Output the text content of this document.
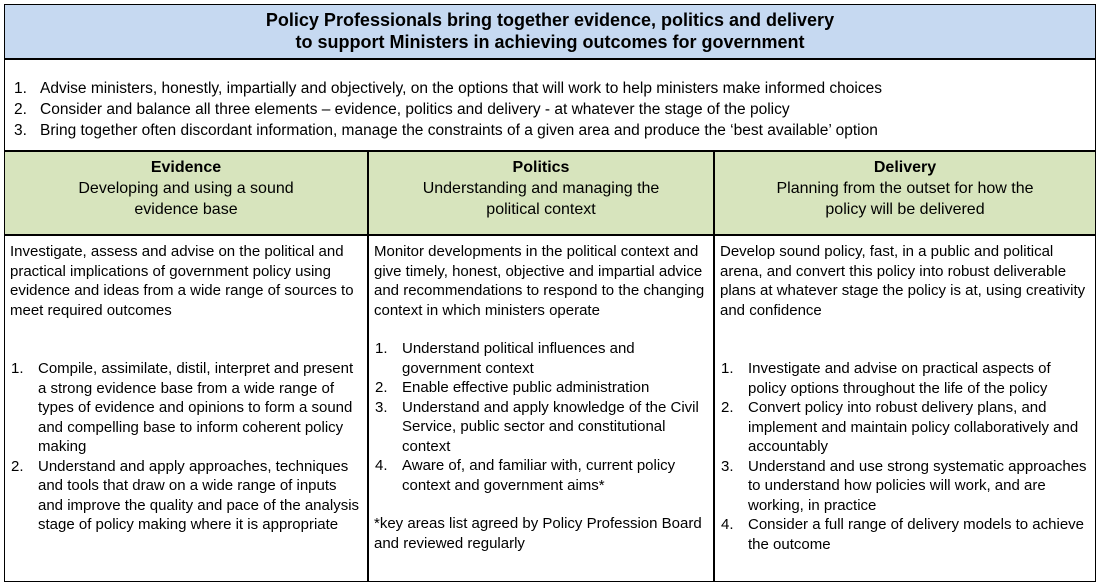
Policy Professionals bring together evidence, politics and delivery
to support Ministers in achieving outcomes for government
1. Advise ministers, honestly, impartially and objectively, on the options that will work to help ministers make informed choices
2. Consider and balance all three elements – evidence, politics and delivery - at whatever the stage of the policy
3. Bring together often discordant information, manage the constraints of a given area and produce the ‘best available’ option
Evidence
Developing and using a sound
evidence base

Investigate, assess and advise on the political and practical implications of government policy using evidence and ideas from a wide range of sources to meet required outcomes

1. Compile, assimilate, distil, interpret and present a strong evidence base from a wide range of types of evidence and opinions to form a sound and compelling base to inform coherent policy making
2. Understand and apply approaches, techniques and tools that draw on a wide range of inputs and improve the quality and pace of the analysis stage of policy making where it is appropriate
Politics
Understanding and managing the
political context

Monitor developments in the political context and give timely, honest, objective and impartial advice and recommendations to respond to the changing context in which ministers operate

1. Understand political influences and government context
2. Enable effective public administration
3. Understand and apply knowledge of the Civil Service, public sector and constitutional context
4. Aware of, and familiar with, current policy context and government aims*

*key areas list agreed by Policy Profession Board and reviewed regularly

Delivery
Planning from the outset for how the
policy will be delivered

Develop sound policy, fast, in a public and political arena, and convert this policy into robust deliverable plans at whatever stage the policy is at, using creativity and confidence

1. Investigate and advise on practical aspects of policy options throughout the life of the policy
2. Convert policy into robust delivery plans, and implement and maintain policy collaboratively and accountably
3. Understand and use strong systematic approaches to understand how policies will work, and are working, in practice
4. Consider a full range of delivery models to achieve the outcome
